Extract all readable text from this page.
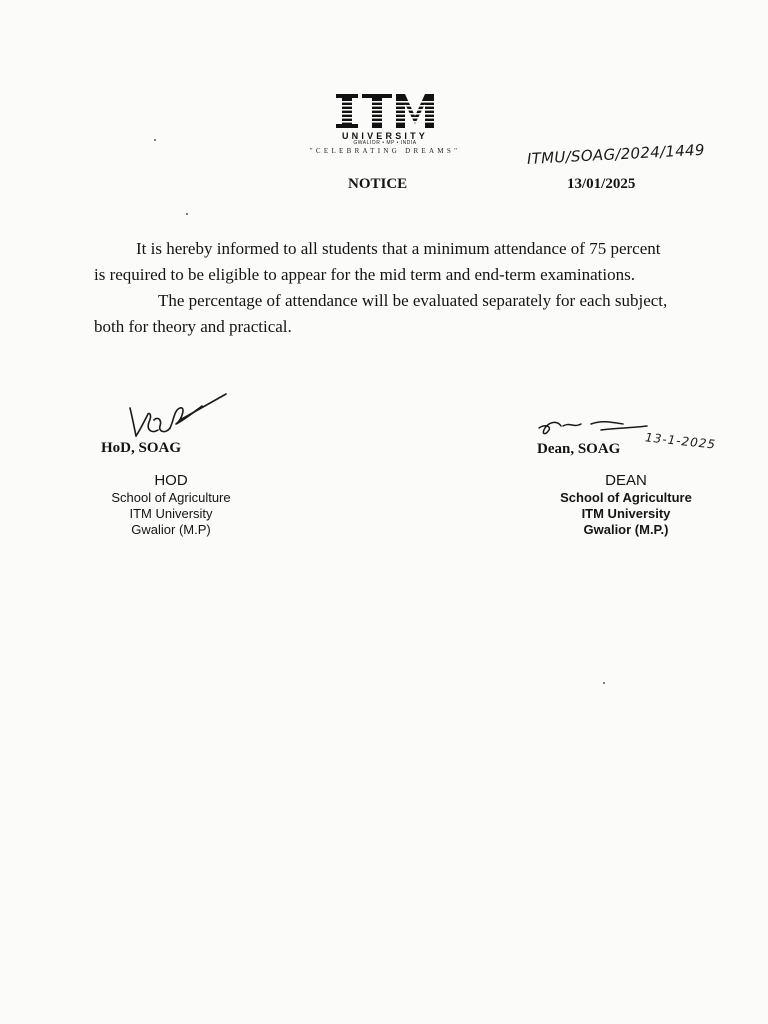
UNIVERSITY
GWALIOR • MP • INDIA
"CELEBRATING DREAMS"	ITMU/SOAG/2024/1449
NOTICE	13/01/2025

It is hereby informed to all students that a minimum attendance of 75 percent is required to be eligible to appear for the mid term and end-term examinations.

The percentage of attendance will be evaluated separately for each subject, both for theory and practical.

13-1-2025
HoD, SOAG	Dean, SOAG
HOD
School of Agriculture
ITM University
Gwalior (M.P)
DEAN
School of Agriculture
ITM University
Gwalior (M.P.)
